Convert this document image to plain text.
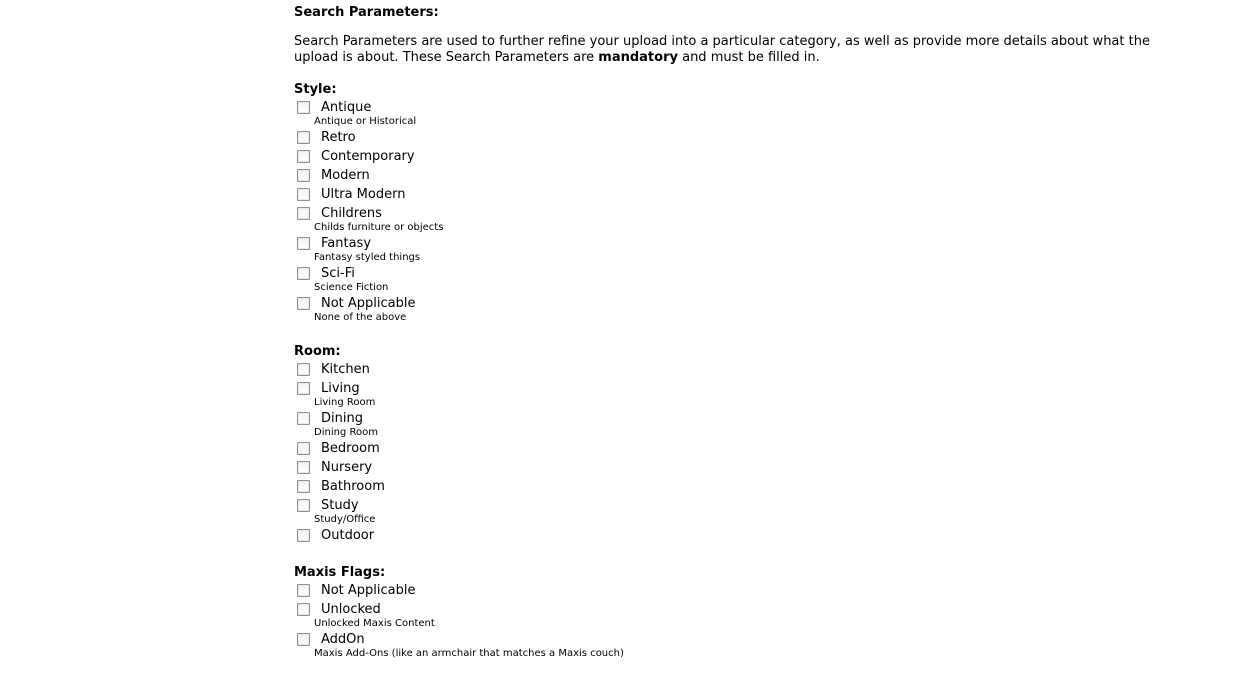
Search Parameters:
Search Parameters are used to further refine your upload into a particular category, as well as provide more details about what the upload is about. These Search Parameters are mandatory and must be filled in.
Style:
Antique
Antique or Historical
Retro
Contemporary
Modern
Ultra Modern
Childrens
Childs furniture or objects
Fantasy
Fantasy styled things
Sci-Fi
Science Fiction
Not Applicable
None of the above
Room:
Kitchen
Living
Living Room
Dining
Dining Room
Bedroom
Nursery
Bathroom
Study
Study/Office
Outdoor
Maxis Flags:
Not Applicable
Unlocked
Unlocked Maxis Content
AddOn
Maxis Add-Ons (like an armchair that matches a Maxis couch)
